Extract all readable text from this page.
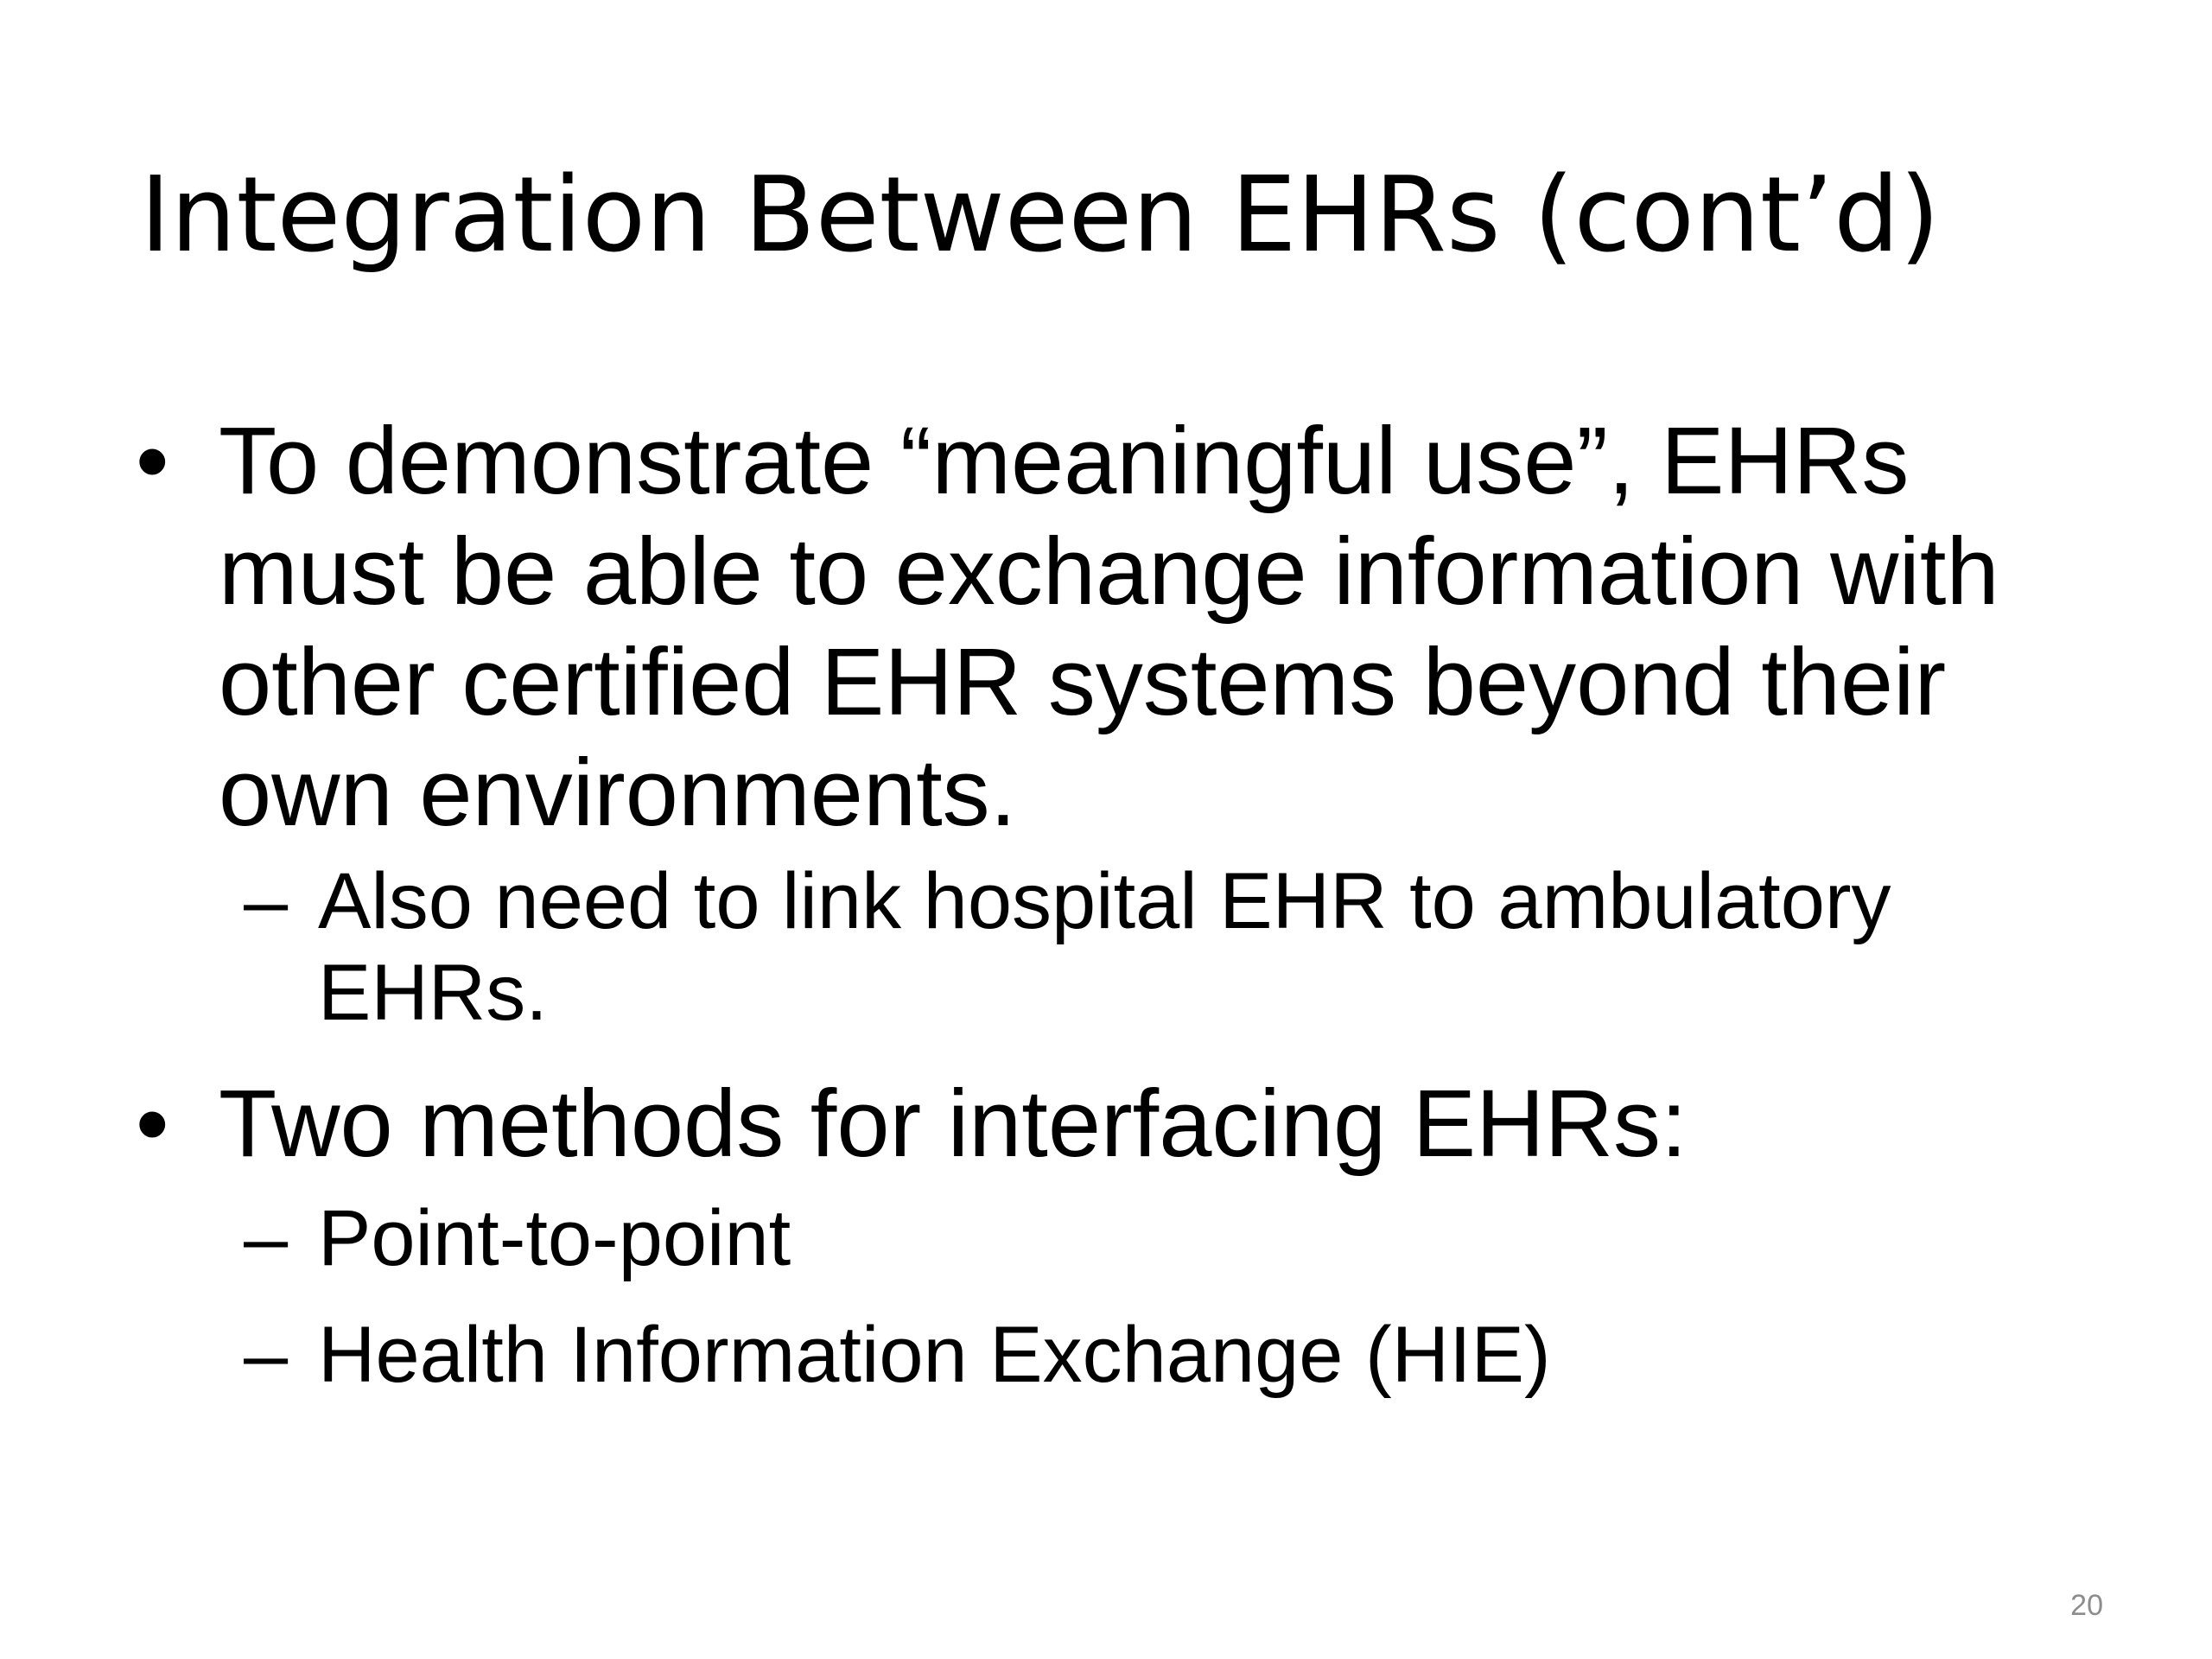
Integration Between EHRs (cont’d)
• To demonstrate “meaningful use”, EHRs must be able to exchange information with other certified EHR systems beyond their own environments.
– Also need to link hospital EHR to ambulatory EHRs.
• Two methods for interfacing EHRs:
– Point-to-point
– Health Information Exchange (HIE)
20
